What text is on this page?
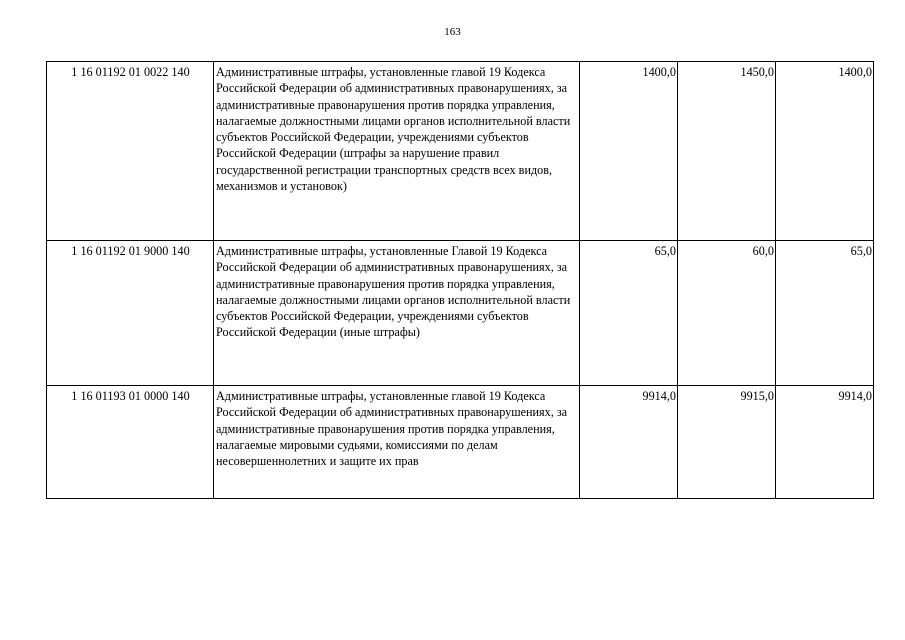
163
1 16 01192 01 0022 140	Административные штрафы, установленные главой 19 Кодекса Российской Федерации об административных правонарушениях, за административные правонарушения против порядка управления, налагаемые должностными лицами органов исполнительной власти субъектов Российской Федерации, учреждениями субъектов Российской Федерации (штрафы за нарушение правил государственной регистрации транспортных средств всех видов, механизмов и установок)	1400,0	1450,0	1400,0
1 16 01192 01 9000 140	Административные штрафы, установленные Главой 19 Кодекса Российской Федерации об административных правонарушениях, за административные правонарушения против порядка управления, налагаемые должностными лицами органов исполнительной власти субъектов Российской Федерации, учреждениями субъектов Российской Федерации (иные штрафы)	65,0	60,0	65,0
1 16 01193 01 0000 140	Административные штрафы, установленные главой 19 Кодекса Российской Федерации об административных правонарушениях, за административные правонарушения против порядка управления, налагаемые мировыми судьями, комиссиями по делам несовершеннолетних и защите их прав	9914,0	9915,0	9914,0
